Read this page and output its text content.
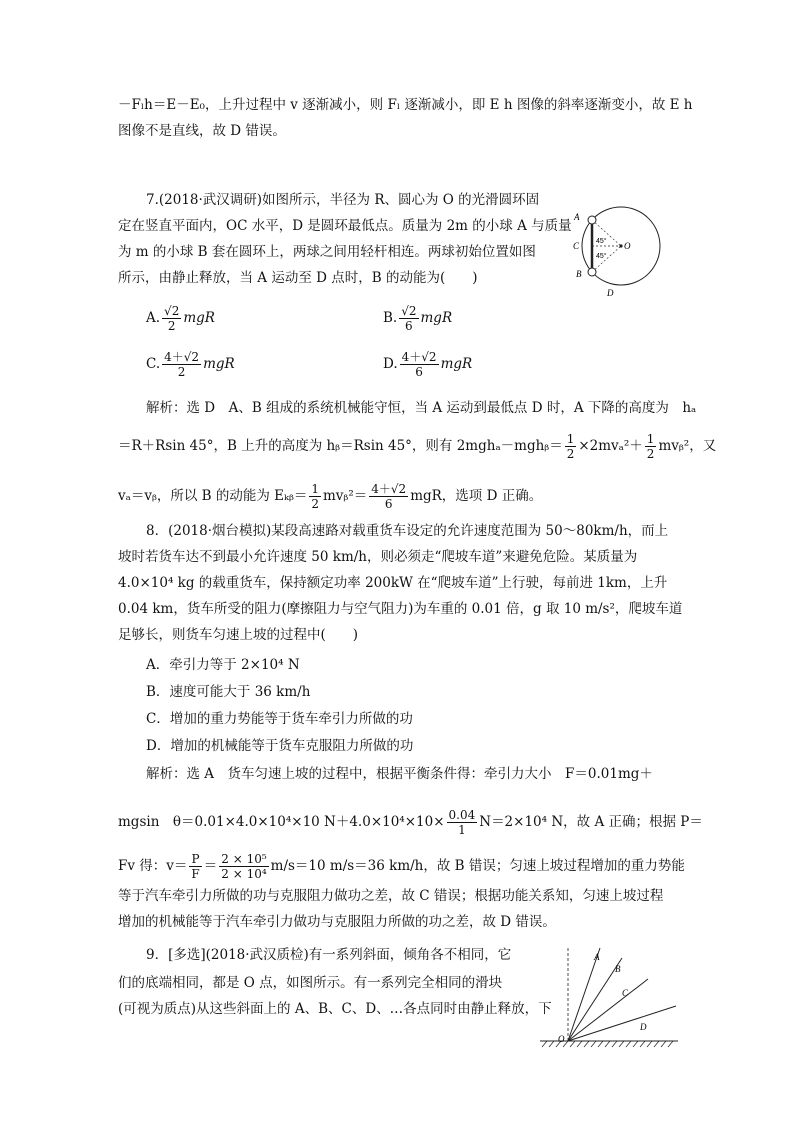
－Fₗh＝E－E₀，上升过程中 v 逐渐减小，则 Fₗ 逐渐减小，即 E h 图像的斜率逐渐变小，故 E h
图像不是直线，故 D 错误。
7.(2018·武汉调研)如图所示，半径为 R、圆心为 O 的光滑圆环固
定在竖直平面内，OC 水平，D 是圆环最低点。质量为 2m 的小球 A 与质量
为 m 的小球 B 套在圆环上，两球之间用轻杆相连。两球初始位置如图
所示，由静止释放，当 A 运动至 D 点时，B 的动能为(　　)
A
B
C	O
D
45°
45°
A. $\frac{√2}{2}$ mgR	B. $\frac{√2}{6}$ mgR
C. $\frac{4+√2}{2}$ mgR	D. $\frac{4+√2}{6}$ mgR
解析：选 D　A、B 组成的系统机械能守恒，当 A 运动到最低点 D 时，A 下降的高度为　hₐ
＝R＋Rsin 45°，B 上升的高度为 hᵦ＝Rsin 45°，则有 2mghₐ－mghᵦ＝ $\frac{1}{2} \times 2mv_a^2+ \frac{1}{2}$ mvᵦ²，又
vₐ＝vᵦ，所以 B 的动能为 Eₖᵦ＝ $\frac{1}{2}$ mvᵦ²＝ $\frac{4+√2}{6}$ mgR，选项 D 正确。
8．(2018·烟台模拟)某段高速路对载重货车设定的允许速度范围为 50～80km/h，而上
坡时若货车达不到最小允许速度 50 km/h，则必须走“爬坡车道”来避免危险。某质量为
4.0×10⁴ kg 的载重货车，保持额定功率 200kW 在“爬坡车道”上行驶，每前进 1km，上升
0.04 km，货车所受的阻力(摩擦阻力与空气阻力)为车重的 0.01 倍，g 取 10 m/s²，爬坡车道
足够长，则货车匀速上坡的过程中(　　)
A．牵引力等于 2×10⁴ N
B．速度可能大于 36 km/h
C．增加的重力势能等于货车牵引力所做的功
D．增加的机械能等于货车克服阻力所做的功
解析：选 A　货车匀速上坡的过程中，根据平衡条件得：牵引力大小　F＝0.01mg＋
mgsin　θ＝0.01×4.0×10⁴×10 $N+4.0\times 10^4\times 10\times \frac{0.04}{1} N=2\times 10^4$ N，故 A 正确；根据 P＝
Fv 得：$v= \frac{P}{F} = \frac{\text{2 × 10⁵}}{\text{2 × 10⁴}} m/s=10$ m/s＝36 km/h，故 B 错误；匀速上坡过程增加的重力势能
等于汽车牵引力所做的功与克服阻力做功之差，故 C 错误；根据功能关系知，匀速上坡过程
增加的机械能等于汽车牵引力做功与克服阻力所做的功之差，故 D 错误。
9．[多选](2018·武汉质检)有一系列斜面，倾角各不相同，它
们的底端相同，都是 O 点，如图所示。有一系列完全相同的滑块
(可视为质点)从这些斜面上的 A、B、C、D、…各点同时由静止释放，下
A
B
C
D
O
